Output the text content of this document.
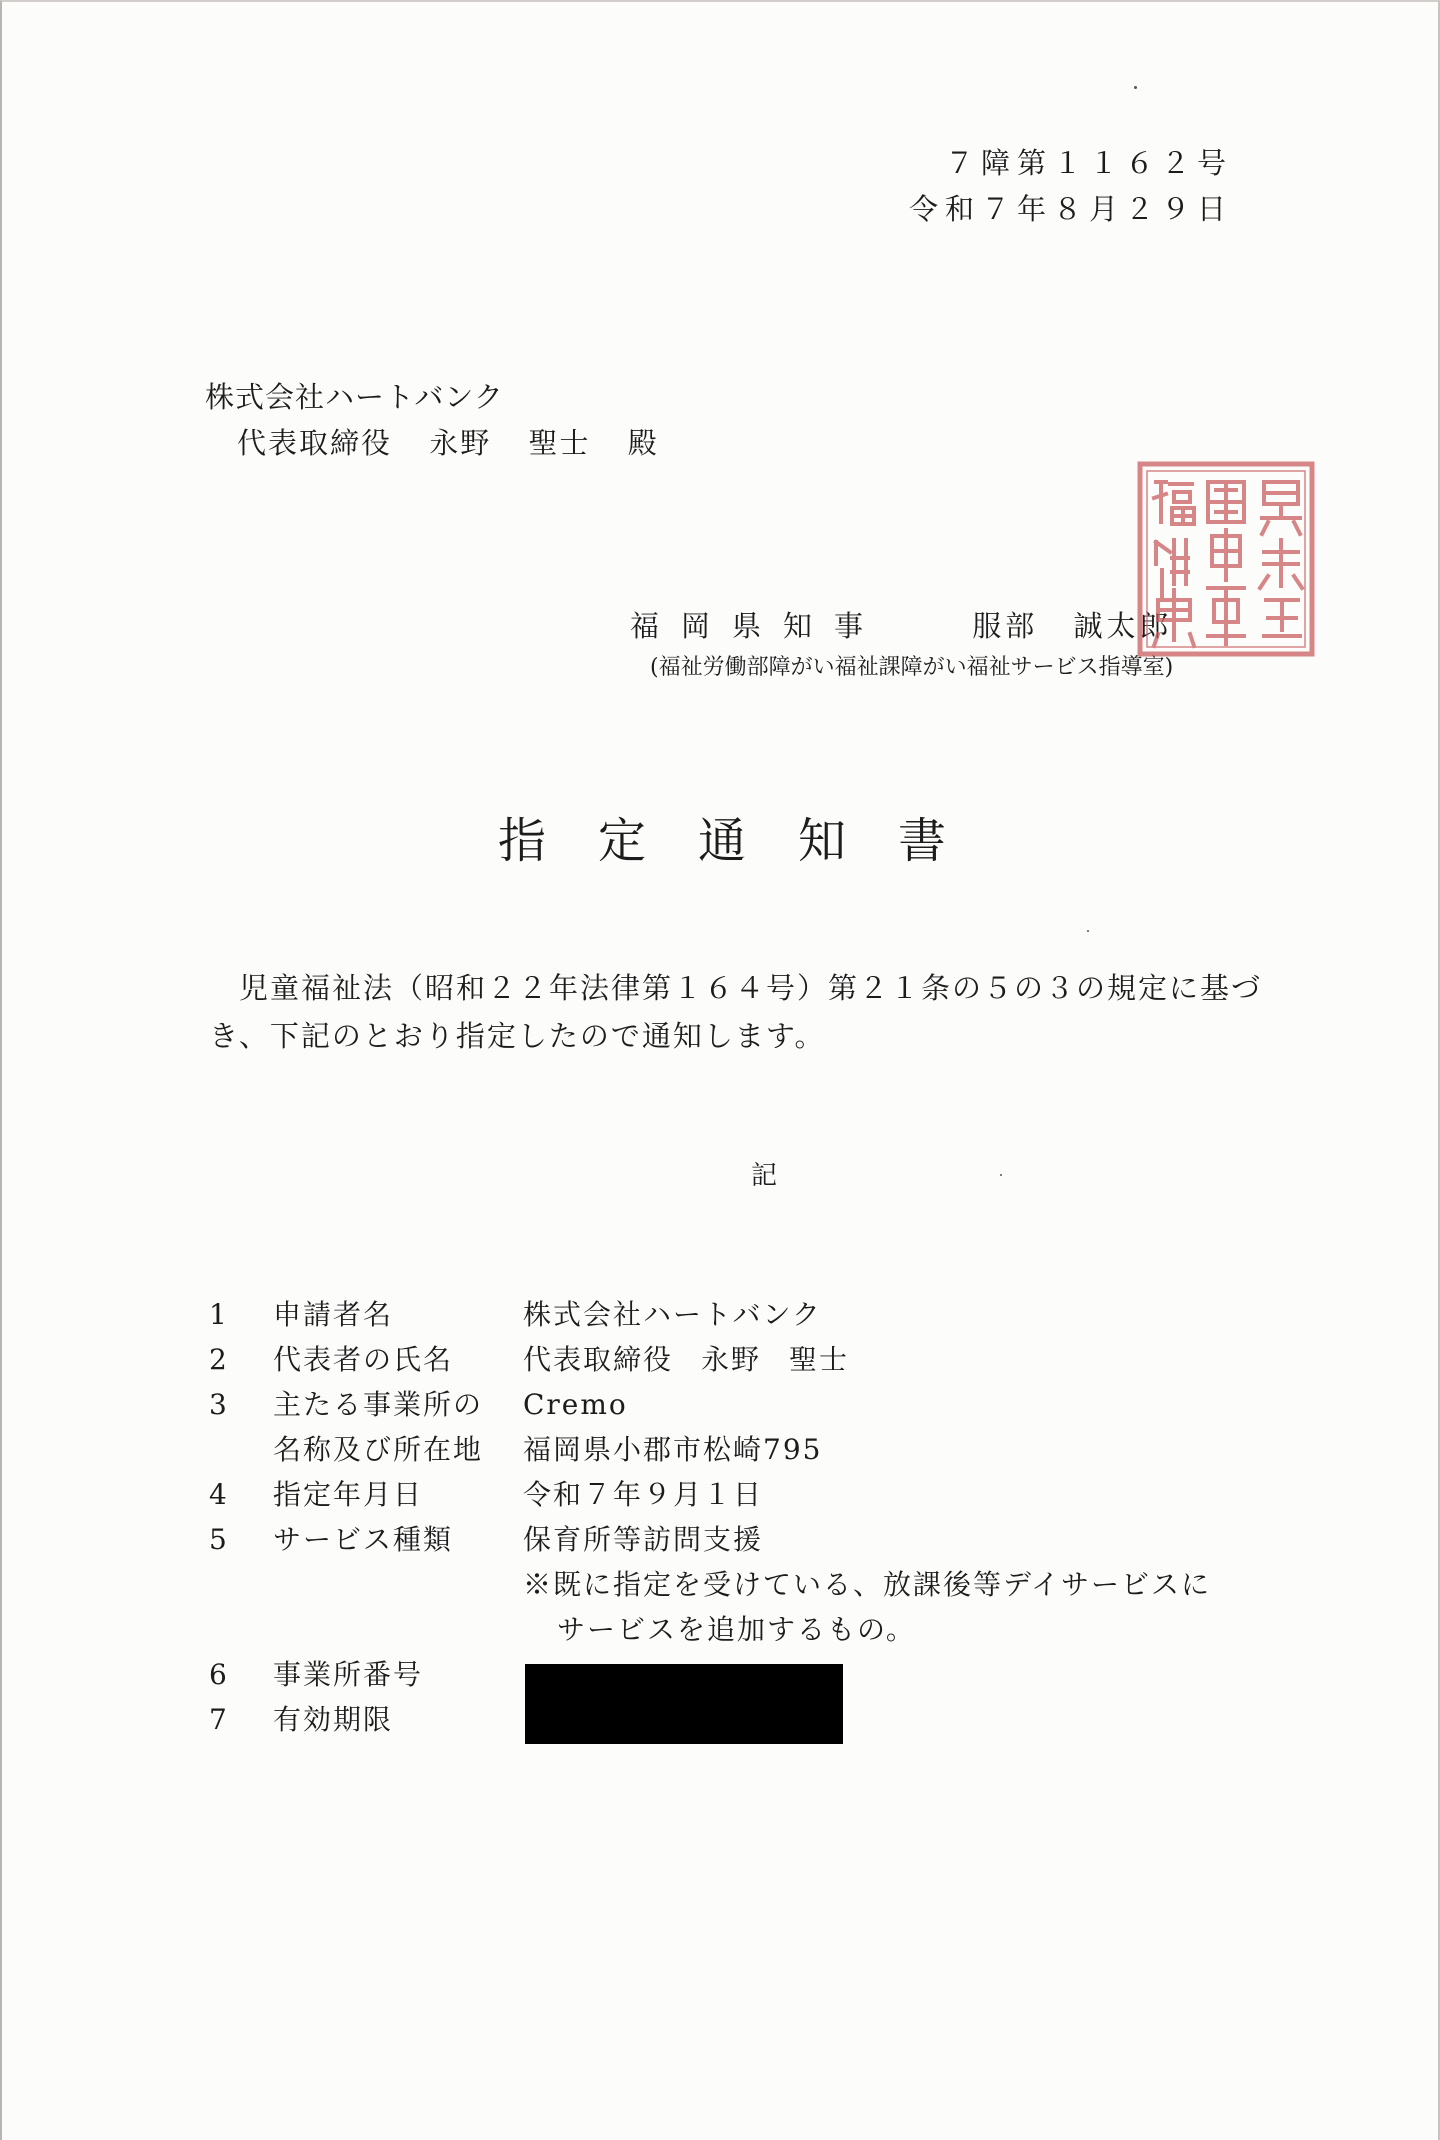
７障第１１６２号
令和７年８月２９日
株式会社ハートバンク
代表取締役 永野 聖士 殿
福岡県知事	服部 誠太郎
(福祉労働部障がい福祉課障がい福祉サービス指導室)
指定通知書
児童福祉法（昭和２２年法律第１６４号）第２１条の５の３の規定に基づき、下記のとおり指定したので通知します。
記
1	申請者名	株式会社ハートバンク
2	代表者の氏名	代表取締役 永野 聖士
3	主たる事業所の	Cremo
名称及び所在地	福岡県小郡市松崎795
4	指定年月日	令和７年９月１日
5	サービス種類	保育所等訪問支援
※既に指定を受けている、放課後等デイサービスに
サービスを追加するもの。
6	事業所番号
7	有効期限
